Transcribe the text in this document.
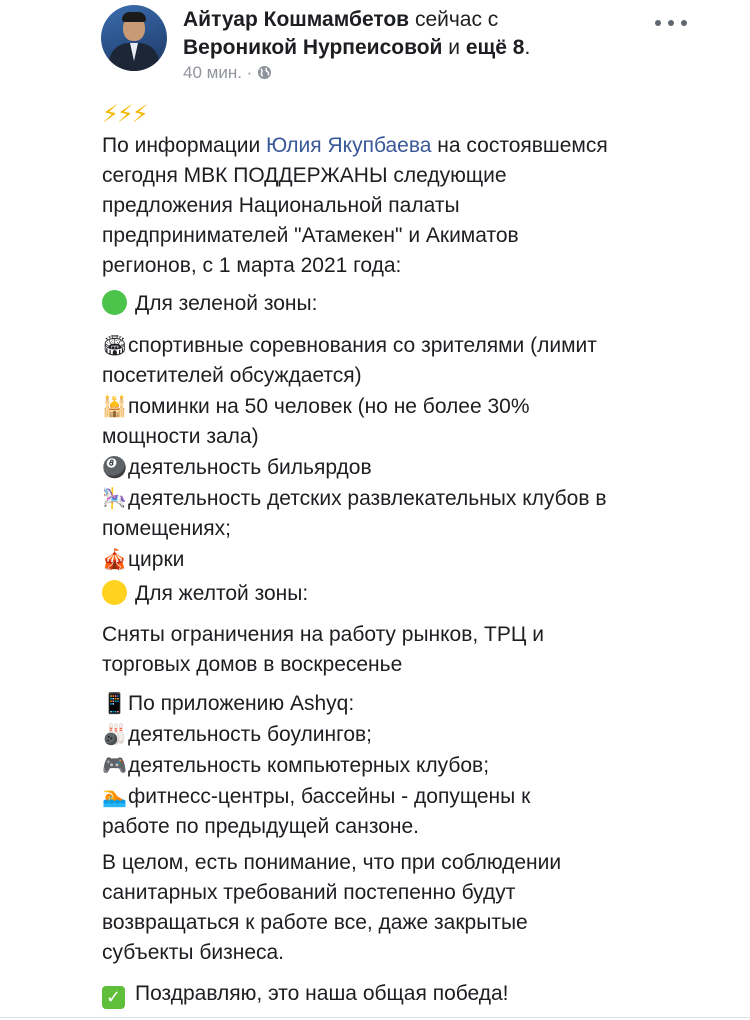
Айтуар Кошмамбетов сейчас с
Вероникой Нурпеисовой и ещё 8.
40 мин. ·

⚡⚡⚡

По информации Юлия Якупбаева на состоявшемся

сегодня МВК ПОДДЕРЖАНЫ следующие

предложения Национальной палаты

предпринимателей "Атамекен" и Акиматов

регионов, с 1 марта 2021 года:

Для зеленой зоны:

🏟спортивные соревнования со зрителями (лимит

посетителей обсуждается)

🕌поминки на 50 человек (но не более 30%

мощности зала)

🎱деятельность бильярдов

🎠деятельность детских развлекательных клубов в

помещениях;

🎪цирки

Для желтой зоны:

Сняты ограничения на работу рынков, ТРЦ и

торговых домов в воскресенье

📱По приложению Ashyq:

🎳деятельность боулингов;

🎮деятельность компьютерных клубов;

🏊фитнесс-центры, бассейны - допущены к

работе по предыдущей санзоне.

В целом, есть понимание, что при соблюдении

санитарных требований постепенно будут

возвращаться к работе все, даже закрытые

субъекты бизнеса.

✓ Поздравляю, это наша общая победа!
